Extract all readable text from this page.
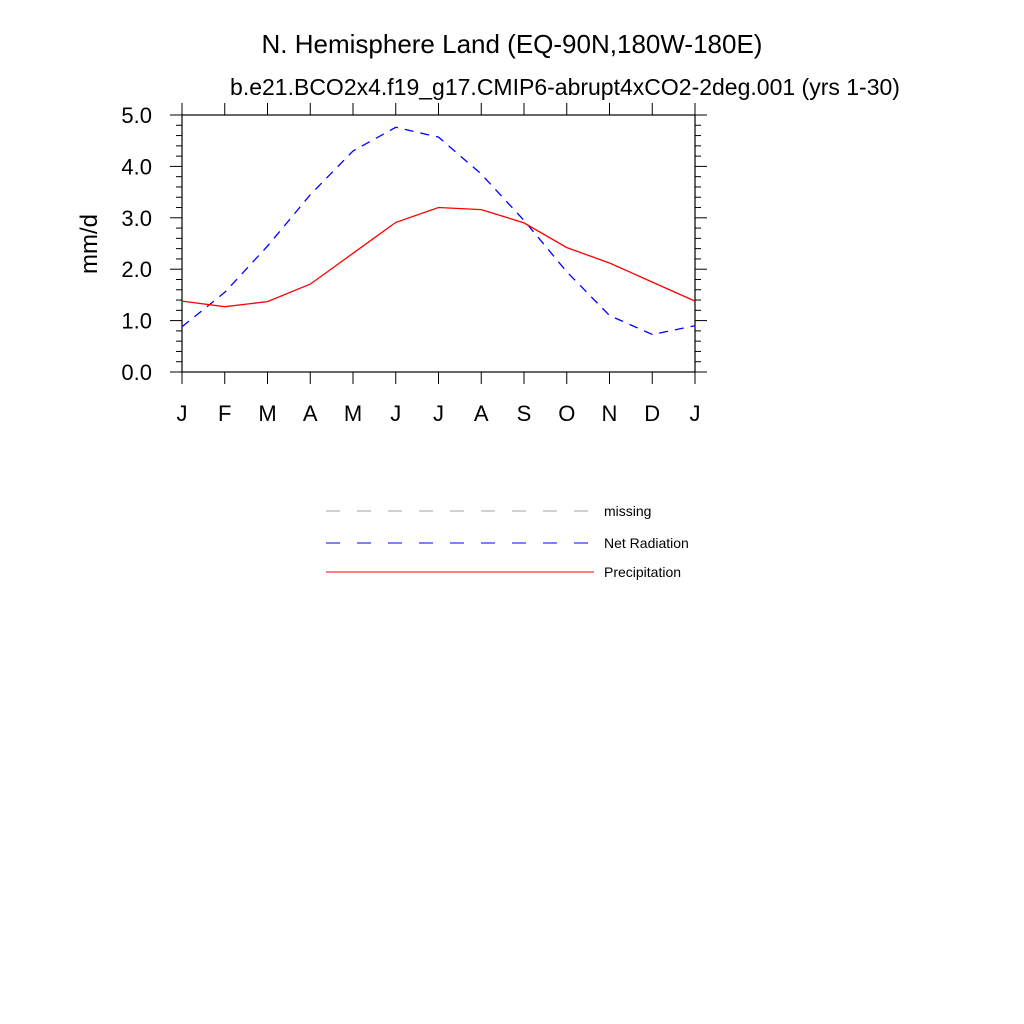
N. Hemisphere Land (EQ-90N,180W-180E)
b.e21.BCO2x4.f19_g17.CMIP6-abrupt4xCO2-2deg.001 (yrs 1-30)
mm/d
0.0
1.0
2.0
3.0
4.0
5.0
J F M A M J J A S O N D J
missing
Net Radiation
Precipitation
